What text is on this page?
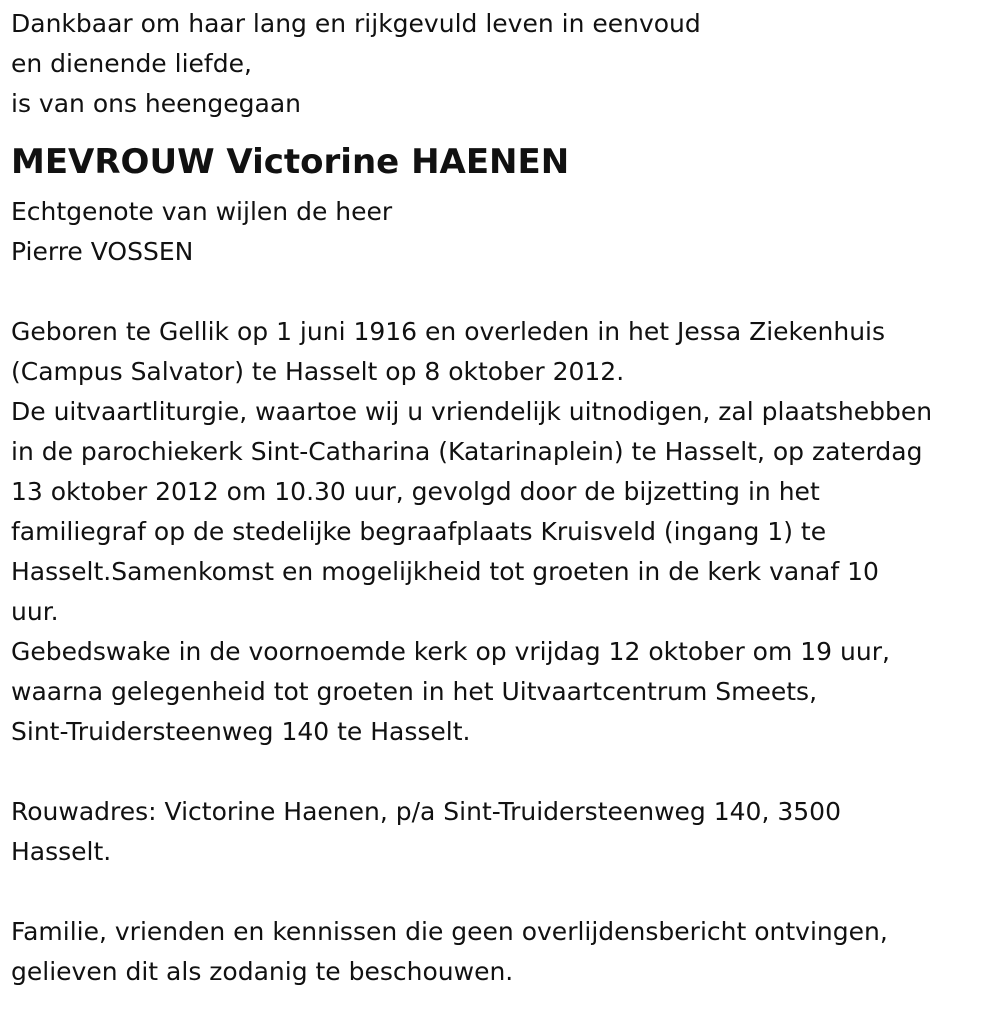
Dankbaar om haar lang en rijkgevuld leven in eenvoud
en dienende liefde,
is van ons heengegaan
MEVROUW Victorine HAENEN
Echtgenote van wijlen de heer
Pierre VOSSEN
Geboren te Gellik op 1 juni 1916 en overleden in het Jessa Ziekenhuis
(Campus Salvator) te Hasselt op 8 oktober 2012.
De uitvaartliturgie, waartoe wij u vriendelijk uitnodigen, zal plaatshebben
in de parochiekerk Sint-Catharina (Katarinaplein) te Hasselt, op zaterdag
13 oktober 2012 om 10.30 uur, gevolgd door de bijzetting in het
familiegraf op de stedelijke begraafplaats Kruisveld (ingang 1) te
Hasselt.Samenkomst en mogelijkheid tot groeten in de kerk vanaf 10
uur.
Gebedswake in de voornoemde kerk op vrijdag 12 oktober om 19 uur,
waarna gelegenheid tot groeten in het Uitvaartcentrum Smeets,
Sint-Truidersteenweg 140 te Hasselt.
Rouwadres: Victorine Haenen, p/a Sint-Truidersteenweg 140, 3500
Hasselt.
Familie, vrienden en kennissen die geen overlijdensbericht ontvingen,
gelieven dit als zodanig te beschouwen.
